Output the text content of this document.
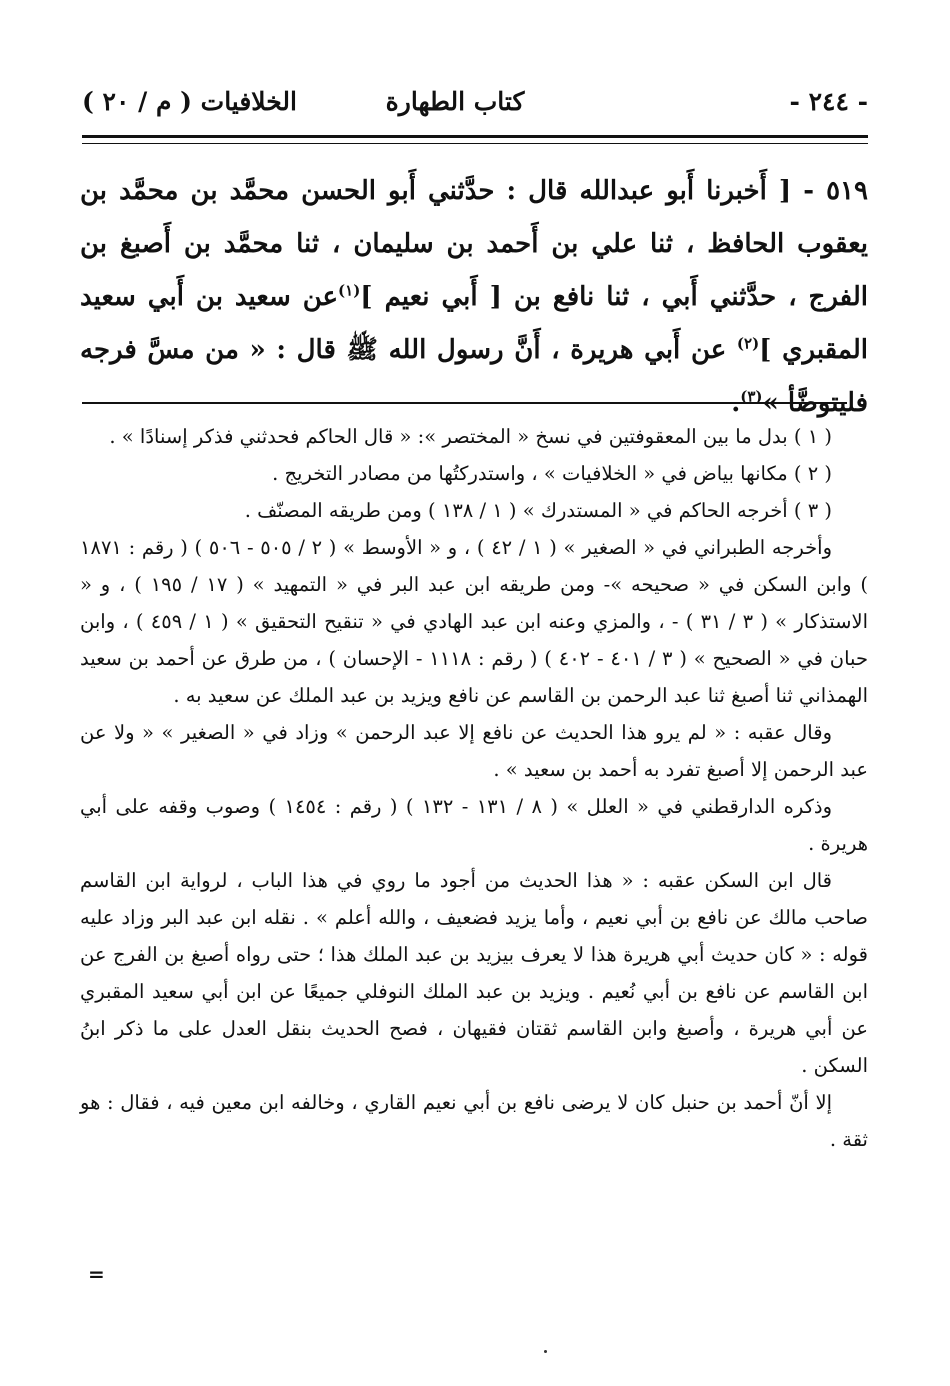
- ٢٤٤ -
كتاب الطهارة
الخلافيات ( م / ٢٠ )
٥١٩ - [ أَخبرنا أَبو عبدالله قال : حدَّثني أَبو الحسن محمَّد بن محمَّد بن يعقوب الحافظ ، ثنا علي بن أَحمد بن سليمان ، ثنا محمَّد بن أَصبغ بن الفرج ، حدَّثني أَبي ، ثنا نافع بن [ أَبي نعيم ]$^{(١)}$عن سعيد بن أَبي سعيد المقبري ]$^{(٢)}$ عن أَبي هريرة ، أَنَّ رسول الله ﷺ قال : « من مسَّ فرجه فليتوضَّأ »$^{(٣)}$.

( ١ ) بدل ما بين المعقوفتين في نسخ « المختصر »: « قال الحاكم فحدثني فذكر إسنادًا » .

( ٢ ) مكانها بياض في « الخلافيات » ، واستدركتُها من مصادر التخريج .

( ٣ ) أخرجه الحاكم في « المستدرك » ( ١ / ١٣٨ ) ومن طريقه المصنّف .

وأخرجه الطبراني في « الصغير » ( ١ / ٤٢ ) ، و « الأوسط » ( ٢ / ٥٠٥ - ٥٠٦ ) ( رقم : ١٨٧١ ) وابن السكن في « صحيحه »- ومن طريقه ابن عبد البر في « التمهيد » ( ١٧ / ١٩٥ ) ، و « الاستذكار » ( ٣ / ٣١ ) - ، والمزي وعنه ابن عبد الهادي في « تنقيح التحقيق » ( ١ / ٤٥٩ ) ، وابن حبان في « الصحيح » ( ٣ / ٤٠١ - ٤٠٢ ) ( رقم : ١١١٨ - الإحسان ) ، من طرق عن أحمد بن سعيد الهمذاني ثنا أصبغ ثنا عبد الرحمن بن القاسم عن نافع ويزيد بن عبد الملك عن سعيد به .

وقال عقبه : « لم يرو هذا الحديث عن نافع إلا عبد الرحمن » وزاد في « الصغير » « ولا عن عبد الرحمن إلا أصبغ تفرد به أحمد بن سعيد » .

وذكره الدارقطني في « العلل » ( ٨ / ١٣١ - ١٣٢ ) ( رقم : ١٤٥٤ ) وصوب وقفه على أبي هريرة .

قال ابن السكن عقبه : « هذا الحديث من أجود ما روي في هذا الباب ، لرواية ابن القاسم صاحب مالك عن نافع بن أبي نعيم ، وأما يزيد فضعيف ، والله أعلم » . نقله ابن عبد البر وزاد عليه قوله : « كان حديث أبي هريرة هذا لا يعرف بيزيد بن عبد الملك هذا ؛ حتى رواه أصبغ بن الفرج عن ابن القاسم عن نافع بن أبي نُعيم . ويزيد بن عبد الملك النوفلي جميعًا عن ابن أبي سعيد المقبري عن أبي هريرة ، وأصبغ وابن القاسم ثقتان فقيهان ، فصح الحديث بنقل العدل على ما ذكر ابنُ السكن .

إلا أنّ أحمد بن حنبل كان لا يرضى نافع بن أبي نعيم القاري ، وخالفه ابن معين فيه ، فقال : هو ثقة .

=
